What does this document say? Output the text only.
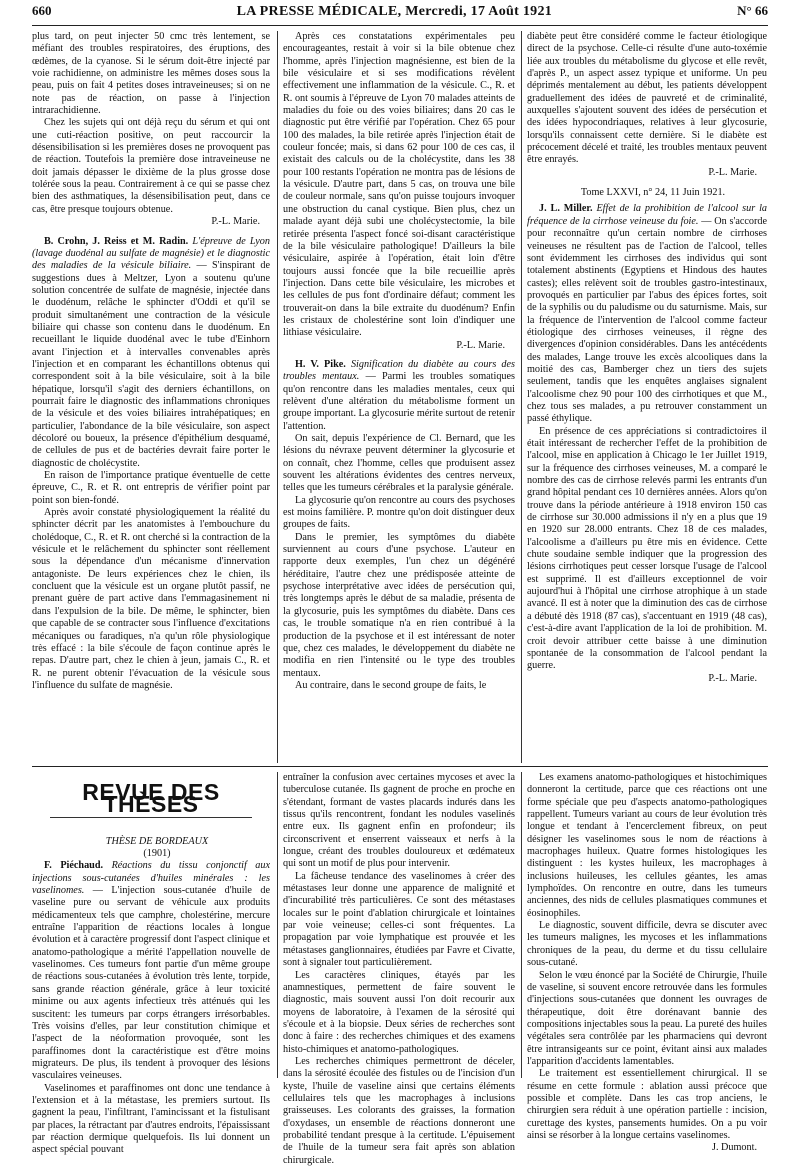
660	LA PRESSE MÉDICALE, Mercredi, 17 Août 1921	N° 66

plus tard, on peut injecter 50 cmc très lentement, se méfiant des troubles respiratoires, des éruptions, des œdèmes, de la cyanose. Si le sérum doit-être injecté par voie rachidienne, on administre les mêmes doses sous la peau, puis on fait 4 petites doses intraveineuses; si on ne note pas de réaction, on passe à l'injection intrarachidienne.

Chez les sujets qui ont déjà reçu du sérum et qui ont une cuti-réaction positive, on peut raccourcir la désensibilisation si les premières doses ne provoquent pas de réaction. Toutefois la première dose intraveineuse ne doit jamais dépasser le dixième de la plus grosse dose tolérée sous la peau. Contrairement à ce qui se passe chez bien des asthmatiques, la désensibilisation peut, dans ce cas, être presque toujours obtenue.

P.-L. Marie.

B. Crohn, J. Reiss et M. Radin. L'épreuve de Lyon (lavage duodénal au sulfate de magnésie) et le diagnostic des maladies de la vésicule biliaire. — S'inspirant de suggestions dues à Meltzer, Lyon a soutenu qu'une solution concentrée de sulfate de magnésie, injectée dans le duodénum, relâche le sphincter d'Oddi et qu'il se produit simultanément une contraction de la vésicule biliaire qui chasse son contenu dans le duodénum. En recueillant le liquide duodénal avec le tube d'Einhorn avant l'injection et à intervalles convenables après l'injection et en comparant les échantillons obtenus qui correspondent soit à la bile vésiculaire, soit à la bile hépatique, lorsqu'il s'agit des derniers échantillons, on pourrait faire le diagnostic des inflammations chroniques de la vésicule et des voies biliaires intrahépatiques; en particulier, l'abondance de la bile vésiculaire, son aspect décoloré ou boueux, la présence d'épithélium desquamé, de cellules de pus et de bactéries devrait faire porter le diagnostic de cholécystite.

En raison de l'importance pratique éventuelle de cette épreuve, C., R. et R. ont entrepris de vérifier point par point son bien-fondé.

Après avoir constaté physiologiquement la réalité du sphincter décrit par les anatomistes à l'embouchure du cholédoque, C., R. et R. ont cherché si la contraction de la vésicule et le relâchement du sphincter sont réellement sous la dépendance d'un mécanisme d'innervation antagoniste. De leurs expériences chez le chien, ils concluent que la vésicule est un organe plutôt passif, ne prenant guère de part active dans l'emmagasinement ni dans l'expulsion de la bile. De même, le sphincter, bien que capable de se contracter sous l'influence d'excitations mécaniques ou faradiques, n'a qu'un rôle physiologique très effacé : la bile s'écoule de façon continue après le repas. D'autre part, chez le chien à jeun, jamais C., R. et R. ne purent obtenir l'évacuation de la vésicule sous l'influence du sulfate de magnésie.

Après ces constatations expérimentales peu encourageantes, restait à voir si la bile obtenue chez l'homme, après l'injection magnésienne, est bien de la bile vésiculaire et si ses modifications révèlent effectivement une inflammation de la vésicule. C., R. et R. ont soumis à l'épreuve de Lyon 70 malades atteints de maladies du foie ou des voies biliaires; dans 20 cas le diagnostic put être vérifié par l'opération. Chez 65 pour 100 des malades, la bile retirée après l'injection était de couleur foncée; mais, si dans 62 pour 100 de ces cas, il existait des calculs ou de la cholécystite, dans les 38 pour 100 restants l'opération ne montra pas de lésions de la vésicule. D'autre part, dans 5 cas, on trouva une bile de couleur normale, sans qu'on puisse toujours invoquer une obstruction du canal cystique. Bien plus, chez un malade ayant déjà subi une cholécystectomie, la bile retirée présenta l'aspect foncé soi-disant caractéristique de la bile vésiculaire pathologique! D'ailleurs la bile vésiculaire, aspirée à l'opération, était loin d'être toujours aussi foncée que la bile recueillie après l'injection. Dans cette bile vésiculaire, les microbes et les cellules de pus font d'ordinaire défaut; comment les trouverait-on dans la bile extraite du duodénum? Enfin les cristaux de cholestérine sont loin d'indiquer une lithiase vésiculaire.

P.-L. Marie.

H. V. Pike. Signification du diabète au cours des troubles mentaux. — Parmi les troubles somatiques qu'on rencontre dans les maladies mentales, ceux qui relèvent d'une altération du métabolisme forment un groupe important. La glycosurie mérite surtout de retenir l'attention.

On sait, depuis l'expérience de Cl. Bernard, que les lésions du névraxe peuvent déterminer la glycosurie et on connaît, chez l'homme, celles que produisent assez souvent les altérations évidentes des centres nerveux, telles que les tumeurs cérébrales et la paralysie générale.

La glycosurie qu'on rencontre au cours des psychoses est moins familière. P. montre qu'on doit distinguer deux groupes de faits.

Dans le premier, les symptômes du diabète surviennent au cours d'une psychose. L'auteur en rapporte deux exemples, l'un chez un dégénéré héréditaire, l'autre chez une prédisposée atteinte de psychose interprétative avec idées de persécution qui, très longtemps après le début de sa maladie, présenta de la glycosurie, puis les symptômes du diabète. Dans ces cas, le trouble somatique n'a en rien contribué à la production de la psychose et il est intéressant de noter que, chez ces malades, le développement du diabète ne modifia en rien l'intensité ou le type des troubles mentaux.

Au contraire, dans le second groupe de faits, le

diabète peut être considéré comme le facteur étiologique direct de la psychose. Celle-ci résulte d'une auto-toxémie liée aux troubles du métabolisme du glycose et elle revêt, d'après P., un aspect assez typique et uniforme. Un peu déprimés mentalement au début, les patients développent graduellement des idées de pauvreté et de criminalité, auxquelles s'ajoutent souvent des idées de persécution et des idées hypocondriaques, relatives à leur glycosurie, lorsqu'ils connaissent cette dernière. Si le diabète est précocement décelé et traité, les troubles mentaux peuvent être enrayés.

P.-L. Marie.

Tome LXXVI, n° 24, 11 Juin 1921.

J. L. Miller. Effet de la prohibition de l'alcool sur la fréquence de la cirrhose veineuse du foie. — On s'accorde pour reconnaître qu'un certain nombre de cirrhoses veineuses ne résultent pas de l'action de l'alcool, telles sont évidemment les cirrhoses des individus qui sont totalement abstinents (Egyptiens et Hindous des hautes castes); elles relèvent soit de troubles gastro-intestinaux, provoqués en particulier par l'abus des épices fortes, soit de la syphilis ou du paludisme ou du saturnisme. Mais, sur la fréquence de l'intervention de l'alcool comme facteur étiologique des cirrhoses veineuses, il règne des divergences d'opinion considérables. Dans les antécédents des malades, Lange trouve les excès alcooliques dans la moitié des cas, Bamberger chez un tiers des sujets seulement, tandis que les enquêtes anglaises signalent l'alcoolisme chez 90 pour 100 des cirrhotiques et que M., chez tous ses malades, a pu retrouver constamment un passé éthylique.

En présence de ces appréciations si contradictoires il était intéressant de rechercher l'effet de la prohibition de l'alcool, mise en application à Chicago le 1er Juillet 1919, sur la fréquence des cirrhoses veineuses, M. a comparé le nombre des cas de cirrhose relevés parmi les entrants d'un grand hôpital pendant ces 10 dernières années. Alors qu'on trouve dans la période antérieure à 1918 environ 150 cas de cirrhose sur 30.000 admissions il n'y en a plus que 19 en 1920 sur 28.000 entrants. Chez 18 de ces malades, l'alcoolisme a d'ailleurs pu être mis en évidence. Cette chute soudaine semble indiquer que la progression des lésions cirrhotiques peut cesser lorsque l'usage de l'alcool est supprimé. Il est d'ailleurs exceptionnel de voir aujourd'hui à l'hôpital une cirrhose atrophique à un stade avancé. Il est à noter que la diminution des cas de cirrhose a débuté dès 1918 (87 cas), s'accentuant en 1919 (48 cas), c'est-à-dire avant l'application de la loi de prohibition. M. croit devoir attribuer cette baisse à une diminution spontanée de la consommation de l'alcool pendant la guerre.

P.-L. Marie.

REVUE DES THÈSES

THÈSE DE BORDEAUX

(1901)

F. Piéchaud. Réactions du tissu conjonctif aux injections sous-cutanées d'huiles minérales : les vaselinomes. — L'injection sous-cutanée d'huile de vaseline pure ou servant de véhicule aux produits médicamenteux tels que camphre, cholestérine, mercure entraîne l'apparition de réactions locales à longue évolution et à caractère progressif dont l'aspect clinique et anatomo-pathologique a mérité l'appellation nouvelle de vaselinomes. Ces tumeurs font partie d'un même groupe de réactions sous-cutanées à évolution très lente, torpide, sans grande réaction générale, grâce à leur toxicité minime ou aux agents infectieux très atténués qui les suscitent: les tumeurs par corps étrangers irrésorbables. Très voisins d'elles, par leur constitution chimique et l'aspect de la néoformation provoquée, sont les paraffinomes dont la caractéristique est d'être moins migrateurs. De plus, ils tendent à provoquer des lésions vasculaires veineuses.

Vaselinomes et paraffinomes ont donc une tendance à l'extension et à la métastase, les premiers surtout. Ils gagnent la peau, l'infiltrant, l'amincissant et la fistulisant par places, la rétractant par d'autres endroits, l'épaississant par réaction dermique quelquefois. Ils lui donnent un aspect spécial pouvant

entraîner la confusion avec certaines mycoses et avec la tuberculose cutanée. Ils gagnent de proche en proche en s'étendant, formant de vastes placards indurés dans les tissus qu'ils rencontrent, fondant les nodules vaselinés entre eux. Ils gagnent enfin en profondeur; ils circonscrivent et enserrent vaisseaux et nerfs à la longue, créant des troubles douloureux et œdémateux qui sont un motif de plus pour intervenir.

La fâcheuse tendance des vaselinomes à créer des métastases leur donne une apparence de malignité et d'incurabilité très particulières. Ce sont des métastases locales sur le point d'ablation chirurgicale et lointaines par voie veineuse; celles-ci sont fréquentes. La propagation par voie lymphatique est prouvée et les métastases ganglionnaires, étudiées par Favre et Civatte, sont à signaler tout particulièrement.

Les caractères cliniques, étayés par les anamnestiques, permettent de faire souvent le diagnostic, mais souvent aussi l'on doit recourir aux moyens de laboratoire, à l'examen de la sérosité qui s'écoule et à la biopsie. Deux séries de recherches sont donc à faire : des recherches chimiques et des examens histo-chimiques et anatomo-pathologiques.

Les recherches chimiques permettront de déceler, dans la sérosité écoulée des fistules ou de l'incision d'un kyste, l'huile de vaseline ainsi que certains éléments cellulaires tels que les macrophages à inclusions graisseuses. Les colorants des graisses, la formation d'oxydases, un ensemble de réactions donneront une probabilité tendant presque à la certitude. L'épuisement de l'huile de la tumeur sera fait après son ablation chirurgicale.

Les examens anatomo-pathologiques et histochimiques donneront la certitude, parce que ces réactions ont une forme spéciale que peu d'aspects anatomo-pathologiques rappellent. Tumeurs variant au cours de leur évolution très longue et tendant à l'encerclement fibreux, on peut désigner les vaselinomes sous le nom de réactions à macrophages huileux. Quatre formes histologiques les distinguent : les kystes huileux, les macrophages à inclusions huileuses, les cellules géantes, les amas lymphoïdes. On rencontre en outre, dans les tumeurs anciennes, des nids de cellules plasmatiques communes et éosinophiles.

Le diagnostic, souvent difficile, devra se discuter avec les tumeurs malignes, les mycoses et les inflammations chroniques de la peau, du derme et du tissu cellulaire sous-cutané.

Selon le vœu énoncé par la Société de Chirurgie, l'huile de vaseline, si souvent encore retrouvée dans les formules d'injections sous-cutanées que donnent les ouvrages de thérapeutique, doit être dorénavant bannie des compositions injectables sous la peau. La pureté des huiles végétales sera contrôlée par les pharmaciens qui devront être intransigeants sur ce point, évitant ainsi aux malades l'apparition d'accidents lamentables.

Le traitement est essentiellement chirurgical. Il se résume en cette formule : ablation aussi précoce que possible et complète. Dans les cas trop anciens, le chirurgien sera réduit à une opération partielle : incision, curettage des kystes, pansements humides. On a pu voir ainsi se résorber à la longue certains vaselinomes.

J. Dumont.
